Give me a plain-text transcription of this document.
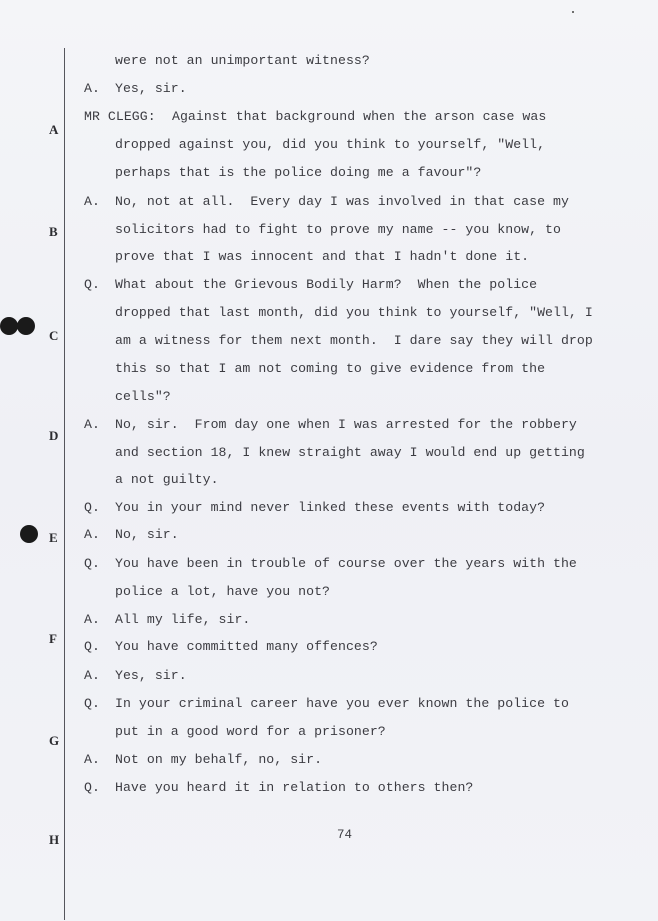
A
B
C
D
E
F
G
H
were not an unimportant witness?
A. Yes, sir.
MR CLEGG: Against that background when the arson case was
dropped against you, did you think to yourself, "Well,
perhaps that is the police doing me a favour"?
A. No, not at all.  Every day I was involved in that case my
solicitors had to fight to prove my name -- you know, to
prove that I was innocent and that I hadn't done it.
Q. What about the Grievous Bodily Harm?  When the police
dropped that last month, did you think to yourself, "Well, I
am a witness for them next month.  I dare say they will drop
this so that I am not coming to give evidence from the
cells"?
A. No, sir.  From day one when I was arrested for the robbery
and section 18, I knew straight away I would end up getting
a not guilty.
Q. You in your mind never linked these events with today?
A. No, sir.
Q. You have been in trouble of course over the years with the
police a lot, have you not?
A. All my life, sir.
Q. You have committed many offences?
A. Yes, sir.
Q. In your criminal career have you ever known the police to
put in a good word for a prisoner?
A. Not on my behalf, no, sir.
Q. Have you heard it in relation to others then?
74
